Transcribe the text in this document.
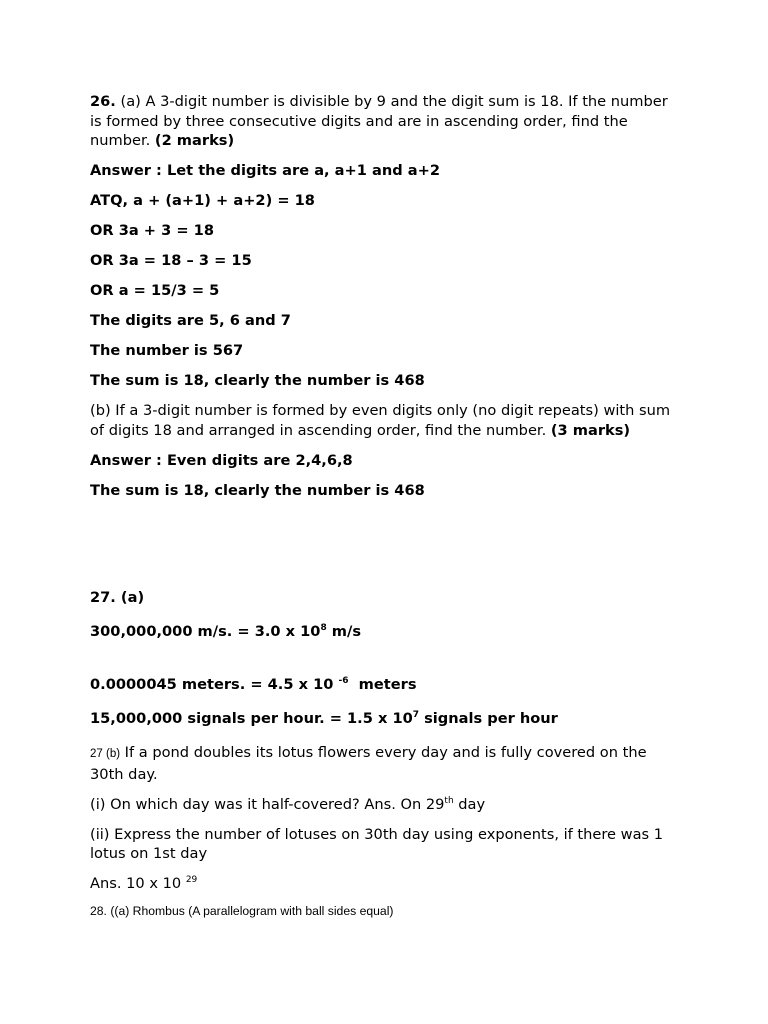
26. (a) A 3-digit number is divisible by 9 and the digit sum is 18. If the number is formed by three consecutive digits and are in ascending order, find the number. (2 marks)

Answer : Let the digits are a, a+1 and a+2

ATQ, a + (a+1) + a+2) = 18

OR 3a + 3 = 18

OR 3a = 18 – 3 = 15

OR a = 15/3 = 5

The digits are 5, 6 and 7

The number is 567

The sum is 18, clearly the number is 468

(b) If a 3-digit number is formed by even digits only (no digit repeats) with sum of digits 18 and arranged in ascending order, find the number. (3 marks)

Answer : Even digits are 2,4,6,8

The sum is 18, clearly the number is 468

27. (a)

300,000,000 m/s. = 3.0 x $10^8$ m/s

0.0000045 meters. = 4.5 x 10 $^{-6}$  meters

15,000,000 signals per hour. = 1.5 x $10^7$ signals per hour

27 (b) If a pond doubles its lotus flowers every day and is fully covered on the 30th day.

(i) On which day was it half-covered? Ans. On 29th day

(ii) Express the number of lotuses on 30th day using exponents, if there was 1 lotus on 1st day

Ans. 10 x 10 $^{29}$

28. ((a) Rhombus (A parallelogram with ball sides equal)
